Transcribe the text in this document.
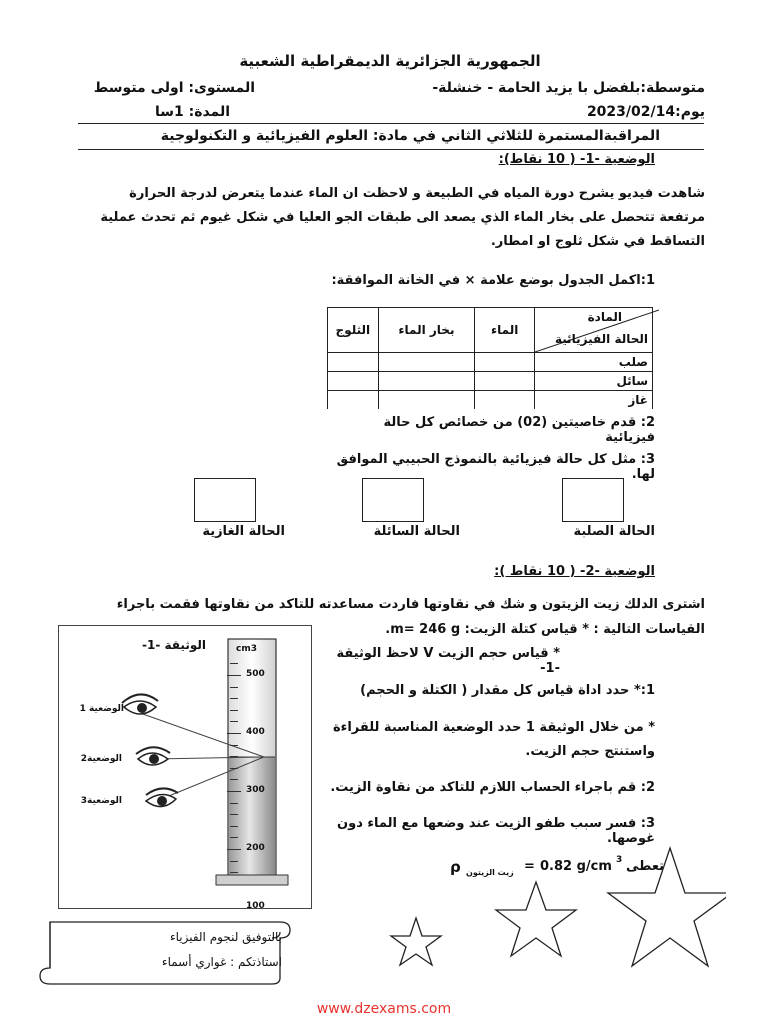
الجمهورية الجزائرية الديمقراطية الشعبية
متوسطة:بلفضل با يزيد الحامة - خنشلة-
المستوى: اولى متوسط
يوم:2023/02/14
المدة: 1سا
المراقبةالمستمرة للثلاثي الثاني في مادة: العلوم الفيزيائية و التكنولوجية
الوضعية -1- ( 10 نقاط):
شاهدت فيديو يشرح دورة المياه في الطبيعة و لاحظت ان الماء عندما يتعرض لدرجة الحرارة
مرتفعة تتحصل على بخار الماء الذي يصعد الى طبقات الجو العليا في شكل غيوم ثم تحدث عملية
التساقط في شكل ثلوج او امطار.
1:اكمل الجدول بوضع علامة × في الخانة الموافقة:
الثلوج	بخار الماء	الماء	المادة
الحالة الفيزيائية

			صلب
			سائل
			غاز
2: قدم خاصيتين (02) من خصائص كل حالة فيزيائية
3: مثل كل حالة فيزيائية بالنموذج الحبيبي الموافق لها.
الحالة الصلبة
الحالة السائلة
الحالة الغازية
الوضعية -2- ( 10 نقاط ):
اشترى الدلك زيت الزيتون و شك في نقاوتها فاردت مساعدته للتاكد من نقاوتها فقمت باجراء
القياسات التالية : * قياس كتلة الزيت: m= 246 g.
* قياس حجم الزيت V لاحظ الوثيقة -1-
1:* حدد اداة قياس كل مقدار ( الكتلة و الحجم)
* من خلال الوثيقة 1 حدد الوضعية المناسبة للقراءة
واستنتج حجم الزيت.
2: قم باجراء الحساب اللازم للتاكد من نقاوة الزيت.
3: فسر سبب طفو الزيت عند وضعها مع الماء دون غوصها.
ρ زيت الزيتون = 0.82 g/cm 3 تعطى
الوثيقة -1-	cm3
500
400
300
200
100
الوضعية 1
الوضعية2
الوضعية3
بالتوفيق لنجوم الفيزياء
استاذتكم : غواري أسماء
www.dzexams.com
